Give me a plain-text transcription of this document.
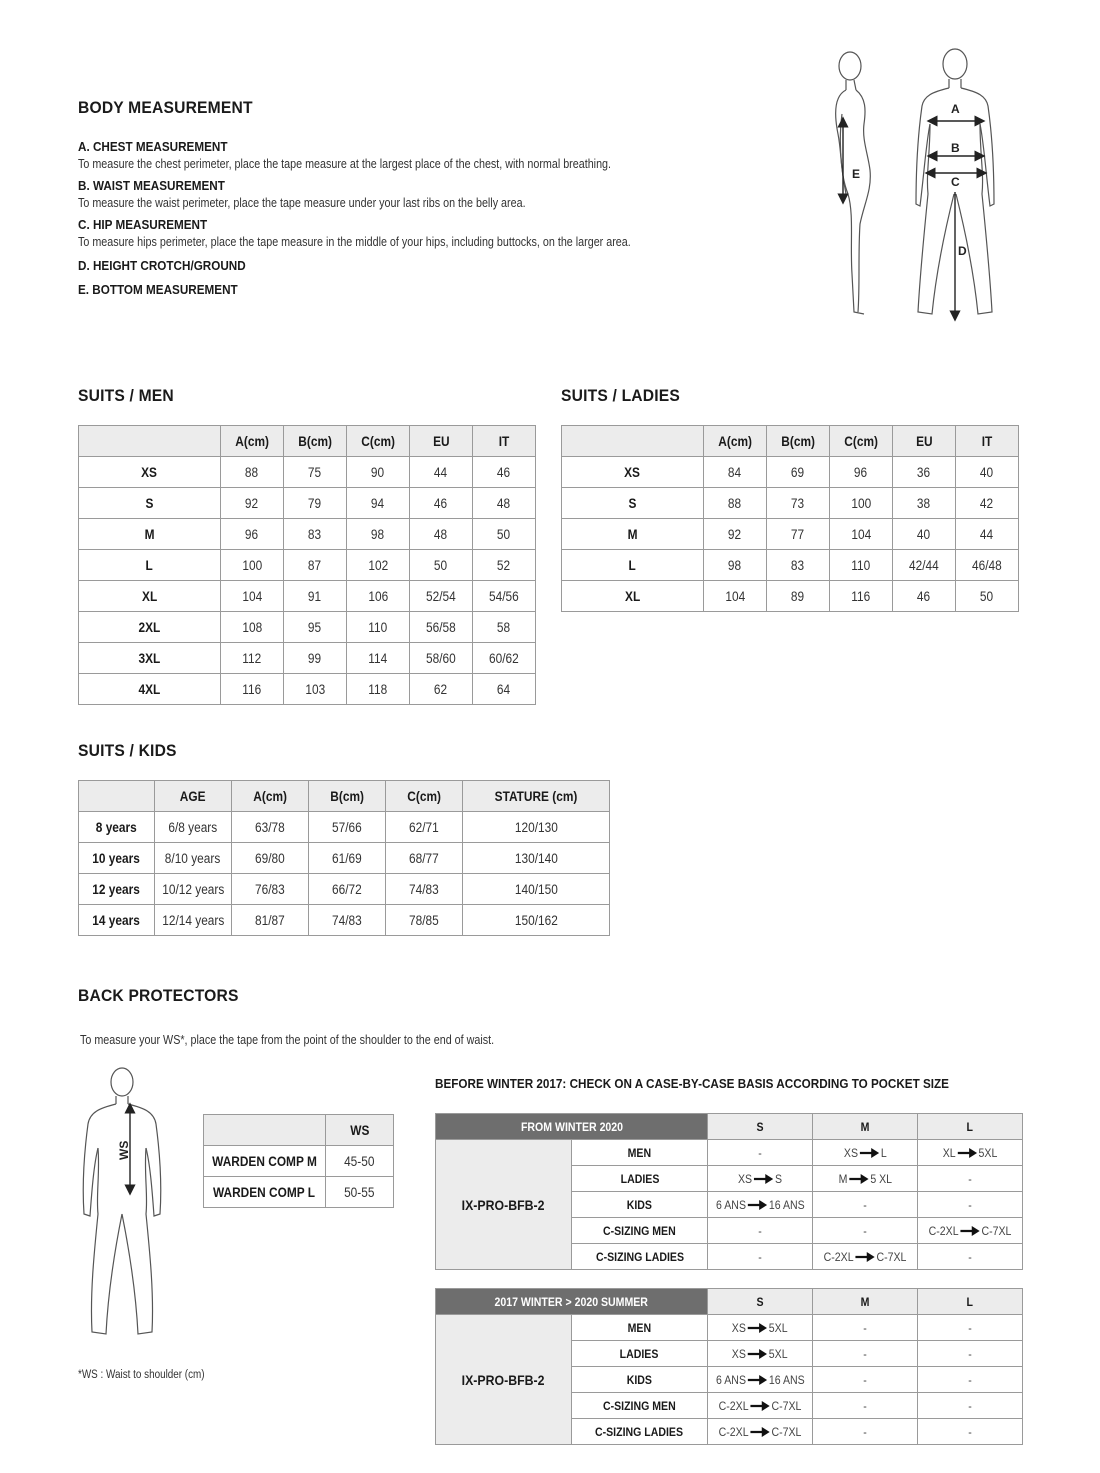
BODY MEASUREMENT
A. CHEST MEASUREMENT
To measure the chest perimeter, place the tape measure at the largest place of the chest, with normal breathing.
B. WAIST MEASUREMENT
To measure the waist perimeter, place the tape measure under your last ribs on the belly area.
C. HIP MEASUREMENT
To measure hips perimeter, place the tape measure in the middle of your hips, including buttocks, on the larger area.
D. HEIGHT CROTCH/GROUND
E. BOTTOM MEASUREMENT
E
A
B
C
D
SUITS / MEN
	A(cm)	B(cm)	C(cm)	EU	IT
XS	88	75	90	44	46
S	92	79	94	46	48
M	96	83	98	48	50
L	100	87	102	50	52
XL	104	91	106	52/54	54/56
2XL	108	95	110	56/58	58
3XL	112	99	114	58/60	60/62
4XL	116	103	118	62	64
SUITS / LADIES
	A(cm)	B(cm)	C(cm)	EU	IT
XS	84	69	96	36	40
S	88	73	100	38	42
M	92	77	104	40	44
L	98	83	110	42/44	46/48
XL	104	89	116	46	50
SUITS / KIDS
	AGE	A(cm)	B(cm)	C(cm)	STATURE (cm)
8 years	6/8 years	63/78	57/66	62/71	120/130
10 years	8/10 years	69/80	61/69	68/77	130/140
12 years	10/12 years	76/83	66/72	74/83	140/150
14 years	12/14 years	81/87	74/83	78/85	150/162
BACK PROTECTORS
To measure your WS*, place the tape from the point of the shoulder to the end of waist.
WS
*WS : Waist to shoulder (cm)
	WS
WARDEN COMP M	45-50
WARDEN COMP L	50-55
BEFORE WINTER 2017: CHECK ON A CASE-BY-CASE BASIS ACCORDING TO POCKET SIZE
FROM WINTER 2020		S	M	L
IX-PRO-BFB-2	MEN	-	XS L	XL 5XL
	LADIES	XS S	M 5 XL	-
	KIDS	6 ANS 16 ANS	-	-
	C-SIZING MEN	-	-	C-2XL C-7XL
	C-SIZING LADIES	-	C-2XL C-7XL	-
2017 WINTER > 2020 SUMMER		S	M	L
IX-PRO-BFB-2	MEN	XS 5XL	-	-
	LADIES	XS 5XL	-	-
	KIDS	6 ANS 16 ANS	-	-
	C-SIZING MEN	C-2XL C-7XL	-	-
	C-SIZING LADIES	C-2XL C-7XL	-	-
